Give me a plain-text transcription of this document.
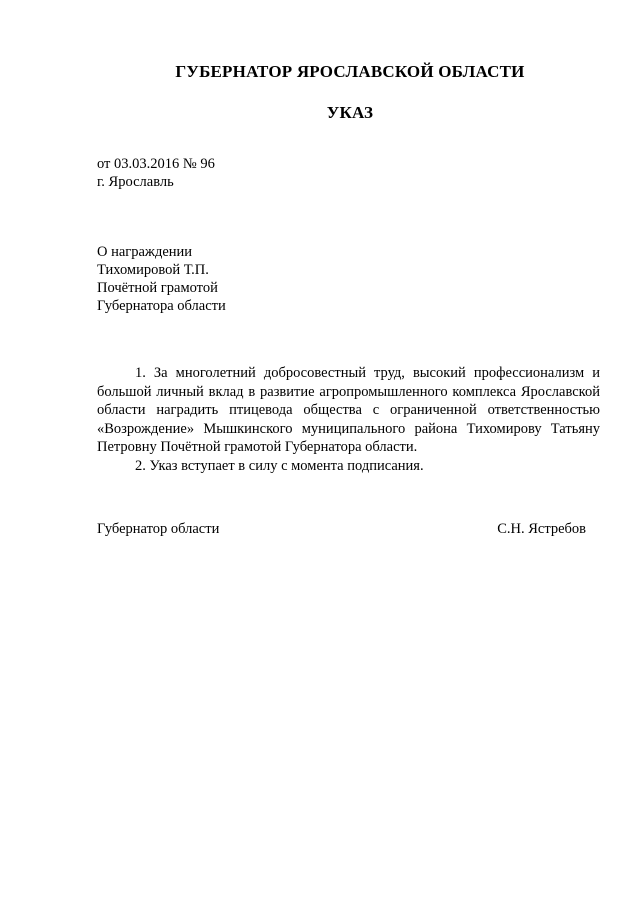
ГУБЕРНАТОР ЯРОСЛАВСКОЙ ОБЛАСТИ
УКАЗ
от 03.03.2016 № 96
г. Ярославль
О награждении
Тихомировой Т.П.
Почётной грамотой
Губернатора области

1. За многолетний добросовестный труд, высокий профессионализм и большой личный вклад в развитие агропромышленного комплекса Ярославской области наградить птицевода общества с ограниченной ответственностью «Возрождение» Мышкинского муниципального района Тихомирову Татьяну Петровну Почётной грамотой Губернатора области.

2. Указ вступает в силу с момента подписания.

Губернатор области	С.Н. Ястребов
